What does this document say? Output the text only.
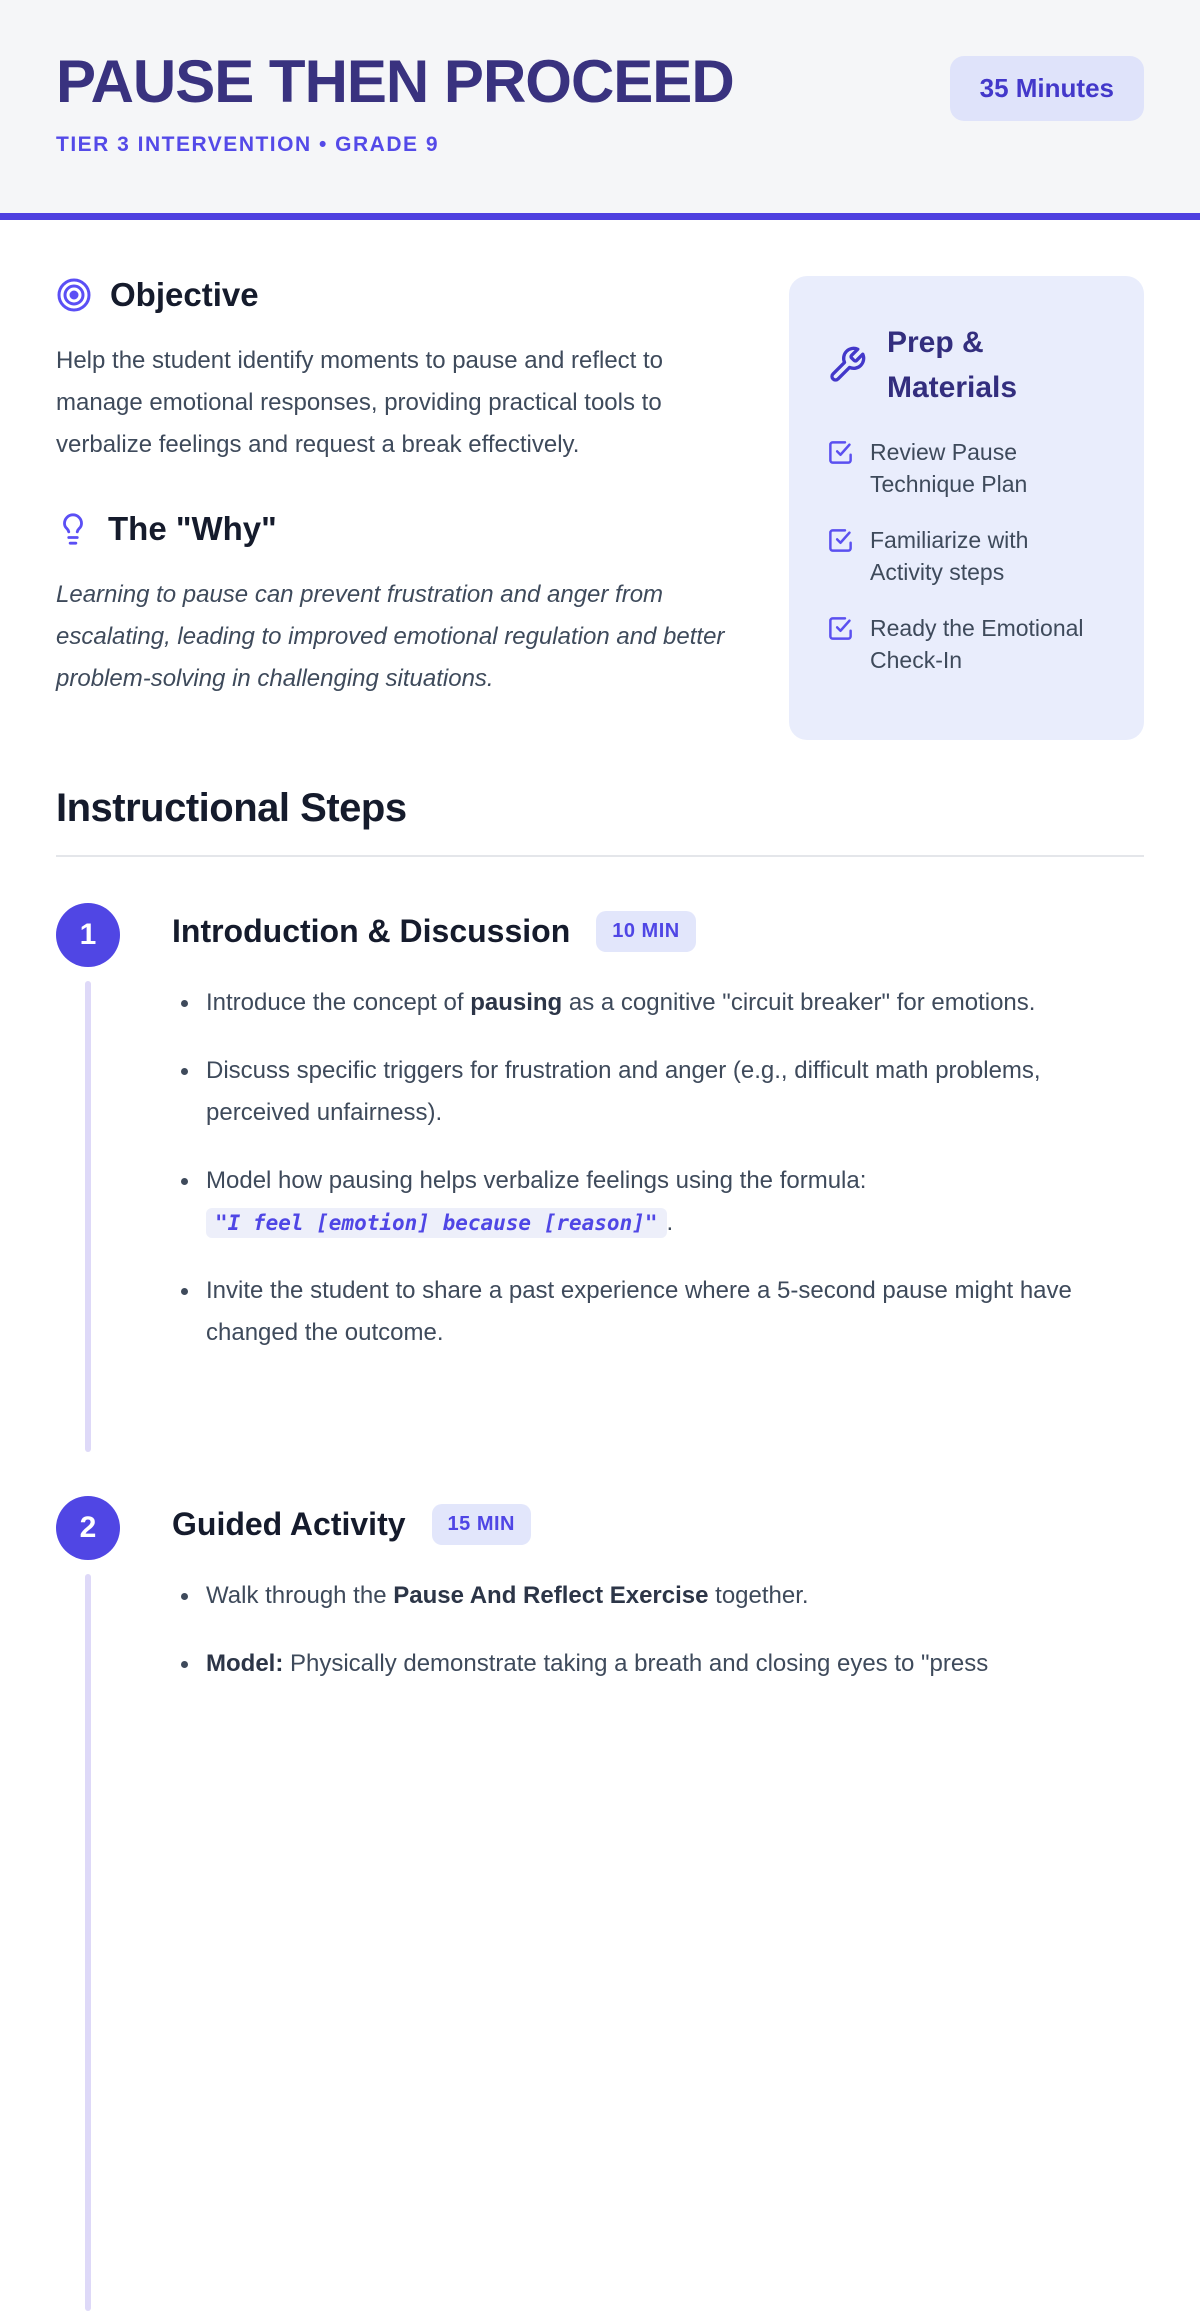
PAUSE THEN PROCEED
TIER 3 INTERVENTION • GRADE 9
35 Minutes
Objective

Help the student identify moments to pause and reflect to manage emotional responses, providing practical tools to verbalize feelings and request a break effectively.

The "Why"

Learning to pause can prevent frustration and anger from escalating, leading to improved emotional regulation and better problem-solving in challenging situations.

Prep & Materials
Review Pause Technique Plan
Familiarize with Activity steps
Ready the Emotional Check-In
Instructional Steps
1	Introduction & Discussion	10 MIN
Introduce the concept of pausing as a cognitive "circuit breaker" for emotions.
Discuss specific triggers for frustration and anger (e.g., difficult math problems, perceived unfairness).
Model how pausing helps verbalize feelings using the formula: "I feel [emotion] because [reason]" .
Invite the student to share a past experience where a 5-second pause might have changed the outcome.
2	Guided Activity	15 MIN
Walk through the Pause And Reflect Exercise together.
Model: Physically demonstrate taking a breath and closing eyes to "press
